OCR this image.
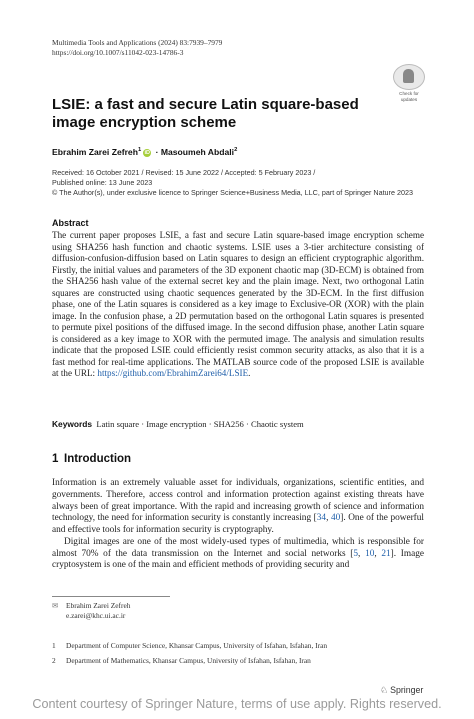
Multimedia Tools and Applications (2024) 83:7939–7979
https://doi.org/10.1007/s11042-023-14786-3
Check for
updates
LSIE: a fast and secure Latin square-based image encryption scheme
Ebrahim Zarei Zefreh$^1$ iD · Masoumeh Abdali$^2$
Received: 16 October 2021 / Revised: 15 June 2022 / Accepted: 5 February 2023 /
Published online: 13 June 2023
© The Author(s), under exclusive licence to Springer Science+Business Media, LLC, part of Springer Nature 2023
Abstract
The current paper proposes LSIE, a fast and secure Latin square-based image encryption scheme using SHA256 hash function and chaotic systems. LSIE uses a 3-tier architecture consisting of diffusion-confusion-diffusion based on Latin squares to design an efficient cryptographic algorithm. Firstly, the initial values and parameters of the 3D exponent chaotic map (3D-ECM) is obtained from the SHA256 hash value of the external secret key and the plain image. Next, two orthogonal Latin squares are constructed using chaotic sequences generated by the 3D-ECM. In the first diffusion phase, one of the Latin squares is considered as a key image to Exclusive-OR (XOR) with the plain image. In the confusion phase, a 2D permutation based on the orthogonal Latin squares is presented to permute pixel positions of the diffused image. In the second diffusion phase, another Latin square is considered as a key image to XOR with the permuted image. The analysis and simulation results indicate that the proposed LSIE could efficiently resist common security attacks, as also that it is a fast method for real-time applications. The MATLAB source code of the proposed LSIE is available at the URL: https://github.com/EbrahimZarei64/LSIE.
Keywords Latin square · Image encryption · SHA256 · Chaotic system
1 Introduction

Information is an extremely valuable asset for individuals, organizations, scientific entities, and governments. Therefore, access control and information protection against existing threats have always been of great importance. With the rapid and increasing growth of science and information technology, the need for information security is constantly increasing [34, 40]. One of the powerful and effective tools for information security is cryptography.

Digital images are one of the most widely-used types of multimedia, which is responsible for almost 70% of the data transmission on the Internet and social networks [5, 10, 21]. Image cryptosystem is one of the main and efficient methods of providing security and

✉ Ebrahim Zarei Zefreh
e.zarei@khc.ui.ac.ir
1 Department of Computer Science, Khansar Campus, University of Isfahan, Isfahan, Iran
2 Department of Mathematics, Khansar Campus, University of Isfahan, Isfahan, Iran
♘ Springer
Content courtesy of Springer Nature, terms of use apply. Rights reserved.
